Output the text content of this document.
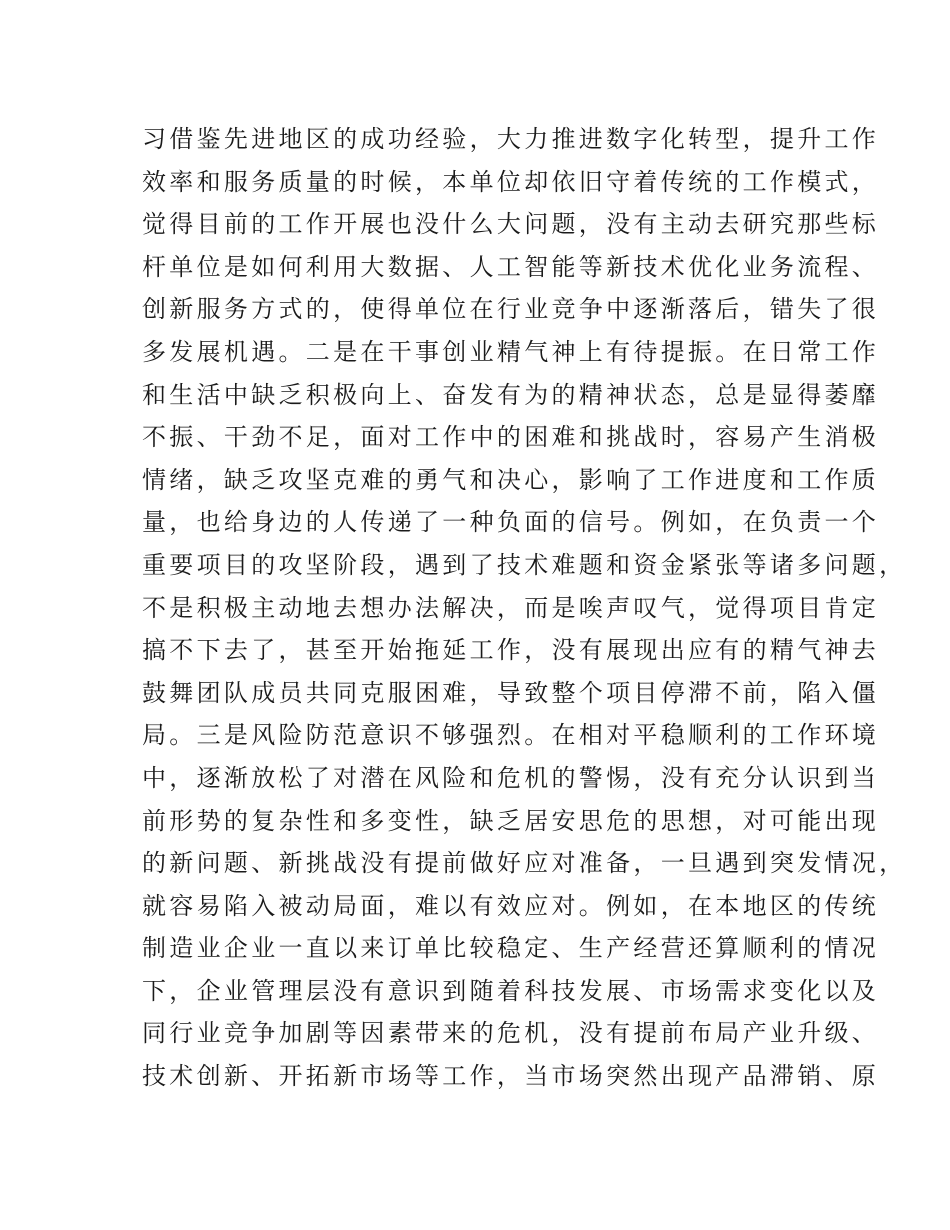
习借鉴先进地区的成功经验，大力推进数字化转型，提升工作
效率和服务质量的时候，本单位却依旧守着传统的工作模式，
觉得目前的工作开展也没什么大问题，没有主动去研究那些标
杆单位是如何利用大数据、人工智能等新技术优化业务流程、
创新服务方式的，使得单位在行业竞争中逐渐落后，错失了很
多发展机遇。二是在干事创业精气神上有待提振。在日常工作
和生活中缺乏积极向上、奋发有为的精神状态，总是显得萎靡
不振、干劲不足，面对工作中的困难和挑战时，容易产生消极
情绪，缺乏攻坚克难的勇气和决心，影响了工作进度和工作质
量，也给身边的人传递了一种负面的信号。例如，在负责一个
重要项目的攻坚阶段，遇到了技术难题和资金紧张等诸多问题，
不是积极主动地去想办法解决，而是唉声叹气，觉得项目肯定
搞不下去了，甚至开始拖延工作，没有展现出应有的精气神去
鼓舞团队成员共同克服困难，导致整个项目停滞不前，陷入僵
局。三是风险防范意识不够强烈。在相对平稳顺利的工作环境
中，逐渐放松了对潜在风险和危机的警惕，没有充分认识到当
前形势的复杂性和多变性，缺乏居安思危的思想，对可能出现
的新问题、新挑战没有提前做好应对准备，一旦遇到突发情况，
就容易陷入被动局面，难以有效应对。例如，在本地区的传统
制造业企业一直以来订单比较稳定、生产经营还算顺利的情况
下，企业管理层没有意识到随着科技发展、市场需求变化以及
同行业竞争加剧等因素带来的危机，没有提前布局产业升级、
技术创新、开拓新市场等工作，当市场突然出现产品滞销、原
